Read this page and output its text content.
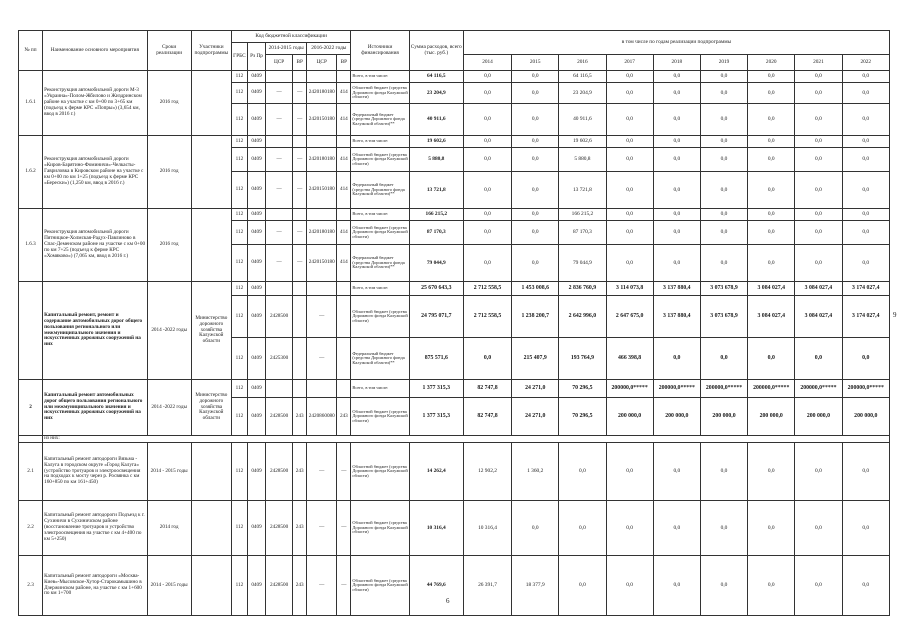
№ пп	Наименование основного мероприятия	Сроки реализации	Участники подпрограммы	Код бюджетной классификации						Источники финансирования	Сумма расходов, всего (тыс. руб.)	в том числе по годам реализации подпрограммы								
				ГРБС	Рз Пр	2014-2015 годы		2016-2022 годы												
						ЦСР	ВР	ЦСР	ВР			2014	2015	2016	2017	2018	2019	2020	2021	2022

1.6.1	Реконструкция автомобильной дороги М-3 «Украина»-Полом-Жбилово и Жиздринском районе на участке с км 0+00 по 3+65 км (подъезд к ферме КРС «Попры») (3,654 км, ввод в 2016 г.)	2016 год		112	0409					Всего, в том числе:	64 116,5	0,0	0,0	64 116,5	0,0	0,0	0,0	0,0	0,0	0,0
				112	0409	—	—	2420180180	414	Областной бюджет (средства Дорожного фонда Калужской области)	23 204,9	0,0	0,0	23 204,9	0,0	0,0	0,0	0,0	0,0	0,0
				112	0409	—	—	2420150180	414	Федеральный бюджет (средства Дорожного фонда Калужской области)**	40 911,6	0,0	0,0	40 911,6	0,0	0,0	0,0	0,0	0,0	0,0
1.6.2	Реконструкция автомобильной дороги «Киров-Барятино-Фоминичи»-Челкасты-Гавриловка в Кировском районе на участке с км 0+00 по км 1+25 (подъезд к ферме КРС «Берески») (1,250 км, ввод в 2016 г.)	2016 год		112	0409					Всего, в том числе:	19 602,6	0,0	0,0	19 602,6	0,0	0,0	0,0	0,0	0,0	0,0
				112	0409	—	—	2420180180	414	Областной бюджет (средства Дорожного фонда Калужской области)	5 880,8	0,0	0,0	5 880,8	0,0	0,0	0,0	0,0	0,0	0,0
				112	0409	—	—	2420150180	414	Федеральный бюджет (средства Дорожного фонда Калужской области)**	13 721,8	0,0	0,0	13 721,8	0,0	0,0	0,0	0,0	0,0	0,0
1.6.3	Реконструкция автомобильной дороги Пятницкое-Холмская-Радух-Павлиново в Спас-Деменском районе на участке с км 0+00 по км 7+25 (подъезд к ферме КРС «Хомяково») (7,065 км, ввод в 2016 г.)	2016 год		112	0409					Всего, в том числе:	166 215,2	0,0	0,0	166 215,2	0,0	0,0	0,0	0,0	0,0	0,0
				112	0409	—	—	2420180180	414	Областной бюджет (средства Дорожного фонда Калужской области)	87 170,3	0,0	0,0	87 170,3	0,0	0,0	0,0	0,0	0,0	0,0
				112	0409	—	—	2420150180	414	Федеральный бюджет (средства Дорожного фонда Калужской области)**	79 044,9	0,0	0,0	79 044,9	0,0	0,0	0,0	0,0	0,0	0,0
	Капитальный ремонт, ремонт и содержание автомобильных дорог общего пользования регионального или межмуниципального значения и искусственных дорожных сооружений на них	2014 -2022 годы	Министерство дорожного хозяйства Калужской области	112	0409					Всего, в том числе:	25 670 643,3	2 712 558,5	1 453 008,6	2 836 760,9	3 114 073,8	3 137 880,4	3 073 678,9	3 084 027,4	3 084 027,4	3 174 027,4
				112	0409	2428500		—		Областной бюджет (средства Дорожного фонда Калужской области)	24 795 071,7	2 712 558,5	1 238 200,7	2 642 996,0	2 647 675,0	3 137 880,4	3 073 678,9	3 084 027,4	3 084 027,4	3 174 027,4
				112	0409	2425300		—		Федеральный бюджет (средства Дорожного фонда Калужской области)**	875 571,6	0,0	215 407,9	193 764,9	466 398,8	0,0	0,0	0,0	0,0	0,0
2	Капитальный ремонт автомобильных дорог общего пользования регионального или межмуниципального значения и искусственных дорожных сооружений на них	2014 -2022 годы	Министерство дорожного хозяйства Калужской области	112	0409					Всего, в том числе:	1 377 315,3	82 747,8	24 271,0	70 296,5	200000,0*****	200000,0*****	200000,0*****	200000,0*****	200000,0*****	200000,0*****
				112	0409	2428500	243	2420860080	243	Областной бюджет (средства Дорожного фонда Калужской области)	1 377 315,3	82 747,8	24 271,0	70 296,5	200 000,0	200 000,0	200 000,0	200 000,0	200 000,0	200 000,0
	из них:																			
2.1	Капитальный ремонт автодороги Вязьма - Калуга в городском округе «Город Калуга» (устройство тротуаров и электроосвещения на подходах к мосту через р. Росвянка с км 160+850 по км 161+450)	2014 - 2015 годы		112	0409	2428500	243	—	—	Областной бюджет (средства Дорожного фонда Калужской области)	14 262,4	12 902,2	1 360,2	0,0	0,0	0,0	0,0	0,0	0,0	0,0
2.2	Капитальный ремонт автодороги Подъезд к г. Сухиничи в Сухиничском районе (восстановление тротуаров и устройство электроосвещения на участке с км 4+400 по км 5+250)	2014 год		112	0409	2428500	243	—	—	Областной бюджет (средства Дорожного фонда Калужской области)	10 316,4	10 316,4	0,0	0,0	0,0	0,0	0,0	0,0	0,0	0,0
2.3	Капитальный ремонт автодороги «Москва-Киев»-Мысовское-Хутор-Старокамышино в Дзержинском районе, на участке с км 1+600 по км 1+700	2014 - 2015 годы		112	0409	2428500	243	—	—	Областной бюджет (средства Дорожного фонда Калужской области)	44 769,6	26 391,7	18 377,9	0,0	0,0	0,0	0,0	0,0	0,0	0,0
6
9
